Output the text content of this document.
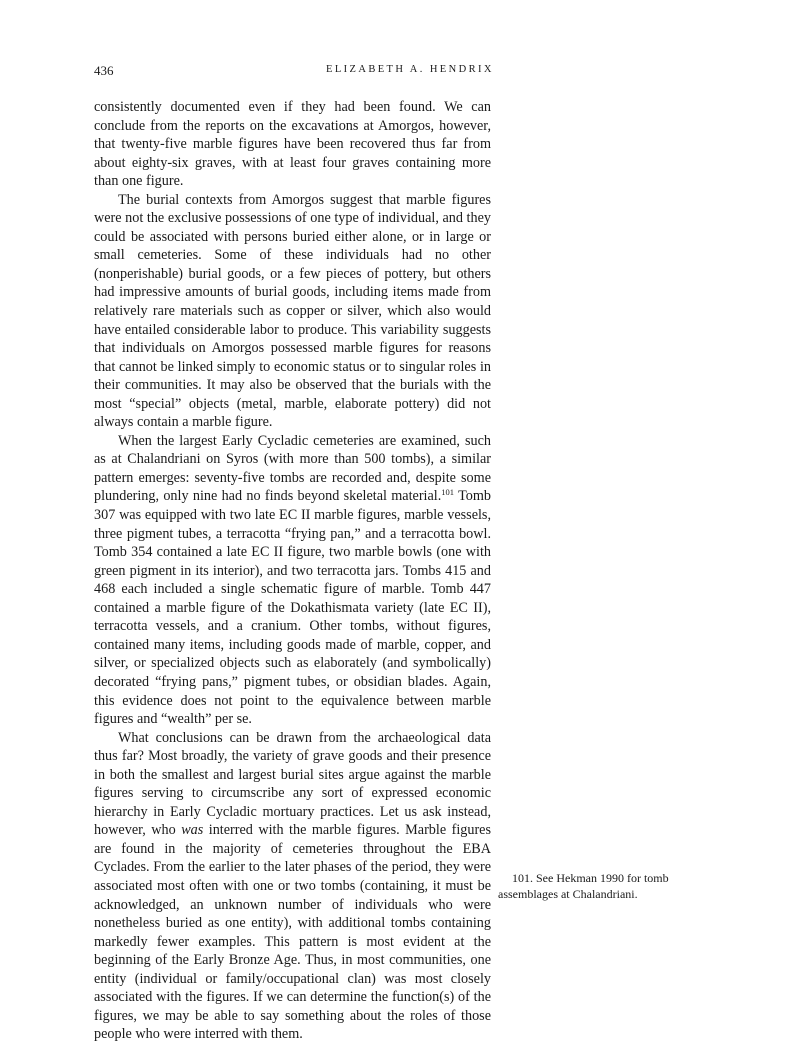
436	ELIZABETH A. HENDRIX

consistently documented even if they had been found. We can conclude from the reports on the excavations at Amorgos, however, that twenty-five marble figures have been recovered thus far from about eighty-six graves, with at least four graves containing more than one figure.

The burial contexts from Amorgos suggest that marble figures were not the exclusive possessions of one type of individual, and they could be associated with persons buried either alone, or in large or small cemeteries. Some of these individuals had no other (nonperishable) burial goods, or a few pieces of pottery, but others had impressive amounts of burial goods, including items made from relatively rare materials such as copper or silver, which also would have entailed considerable labor to produce. This variability suggests that individuals on Amorgos possessed marble figures for reasons that cannot be linked simply to economic status or to singular roles in their communities. It may also be observed that the burials with the most “special” objects (metal, marble, elaborate pottery) did not always contain a marble figure.

When the largest Early Cycladic cemeteries are examined, such as at Chalandriani on Syros (with more than 500 tombs), a similar pattern emerges: seventy-five tombs are recorded and, despite some plundering, only nine had no finds beyond skeletal material.$^{101}$ Tomb 307 was equipped with two late EC II marble figures, marble vessels, three pigment tubes, a terracotta “frying pan,” and a terracotta bowl. Tomb 354 contained a late EC II figure, two marble bowls (one with green pigment in its interior), and two terracotta jars. Tombs 415 and 468 each included a single schematic figure of marble. Tomb 447 contained a marble figure of the Dokathismata variety (late EC II), terracotta vessels, and a cranium. Other tombs, without figures, contained many items, including goods made of marble, copper, and silver, or specialized objects such as elaborately (and symbolically) decorated “frying pans,” pigment tubes, or obsidian blades. Again, this evidence does not point to the equivalence between marble figures and “wealth” per se.

What conclusions can be drawn from the archaeological data thus far? Most broadly, the variety of grave goods and their presence in both the smallest and largest burial sites argue against the marble figures serving to circumscribe any sort of expressed economic hierarchy in Early Cycladic mortuary practices. Let us ask instead, however, who was interred with the marble figures. Marble figures are found in the majority of cemeteries throughout the EBA Cyclades. From the earlier to the later phases of the period, they were associated most often with one or two tombs (containing, it must be acknowledged, an unknown number of individuals who were nonetheless buried as one entity), with additional tombs containing markedly fewer examples. This pattern is most evident at the beginning of the Early Bronze Age. Thus, in most communities, one entity (individual or family/occupational clan) was most closely associated with the figures. If we can determine the function(s) of the figures, we may be able to say something about the roles of those people who were interred with them.

101. See Hekman 1990 for tomb
assemblages at Chalandriani.
